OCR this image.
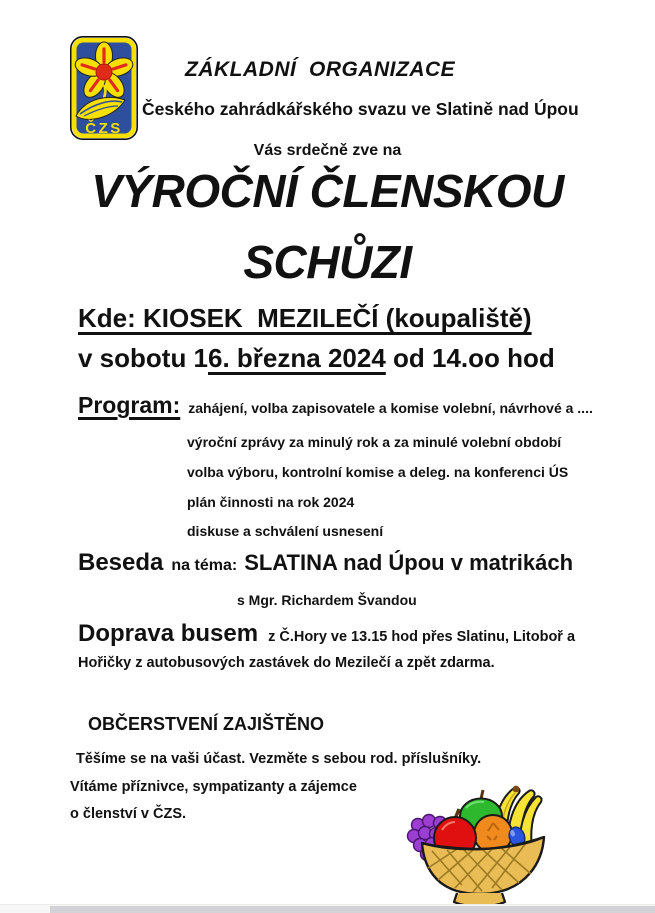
ČZS
ZÁKLADNÍ  ORGANIZACE
Českého zahrádkářského svazu ve Slatině nad Úpou
Vás srdečně zve na
VÝROČNÍ ČLENSKOU
SCHŮZI
Kde: KIOSEK  MEZILEČÍ (koupaliště)
v sobotu 16. března 2024 od 14.oo hod
Program: zahájení, volba zapisovatele a komise volební, návrhové a ....
výroční zprávy za minulý rok a za minulé volební období
volba výboru, kontrolní komise a deleg. na konferenci ÚS
plán činnosti na rok 2024
diskuse a schválení usnesení
Beseda na téma: SLATINA nad Úpou v matrikách
s Mgr. Richardem Švandou
Doprava busem z Č.Hory ve 13.15 hod přes Slatinu, Litoboř a
Hořičky z autobusových zastávek do Mezilečí a zpět zdarma.
OBČERSTVENÍ ZAJIŠTĚNO
Těšíme se na vaši účast. Vezměte s sebou rod. příslušníky.
Vítáme příznivce, sympatizanty a zájemce
o členství v ČZS.
